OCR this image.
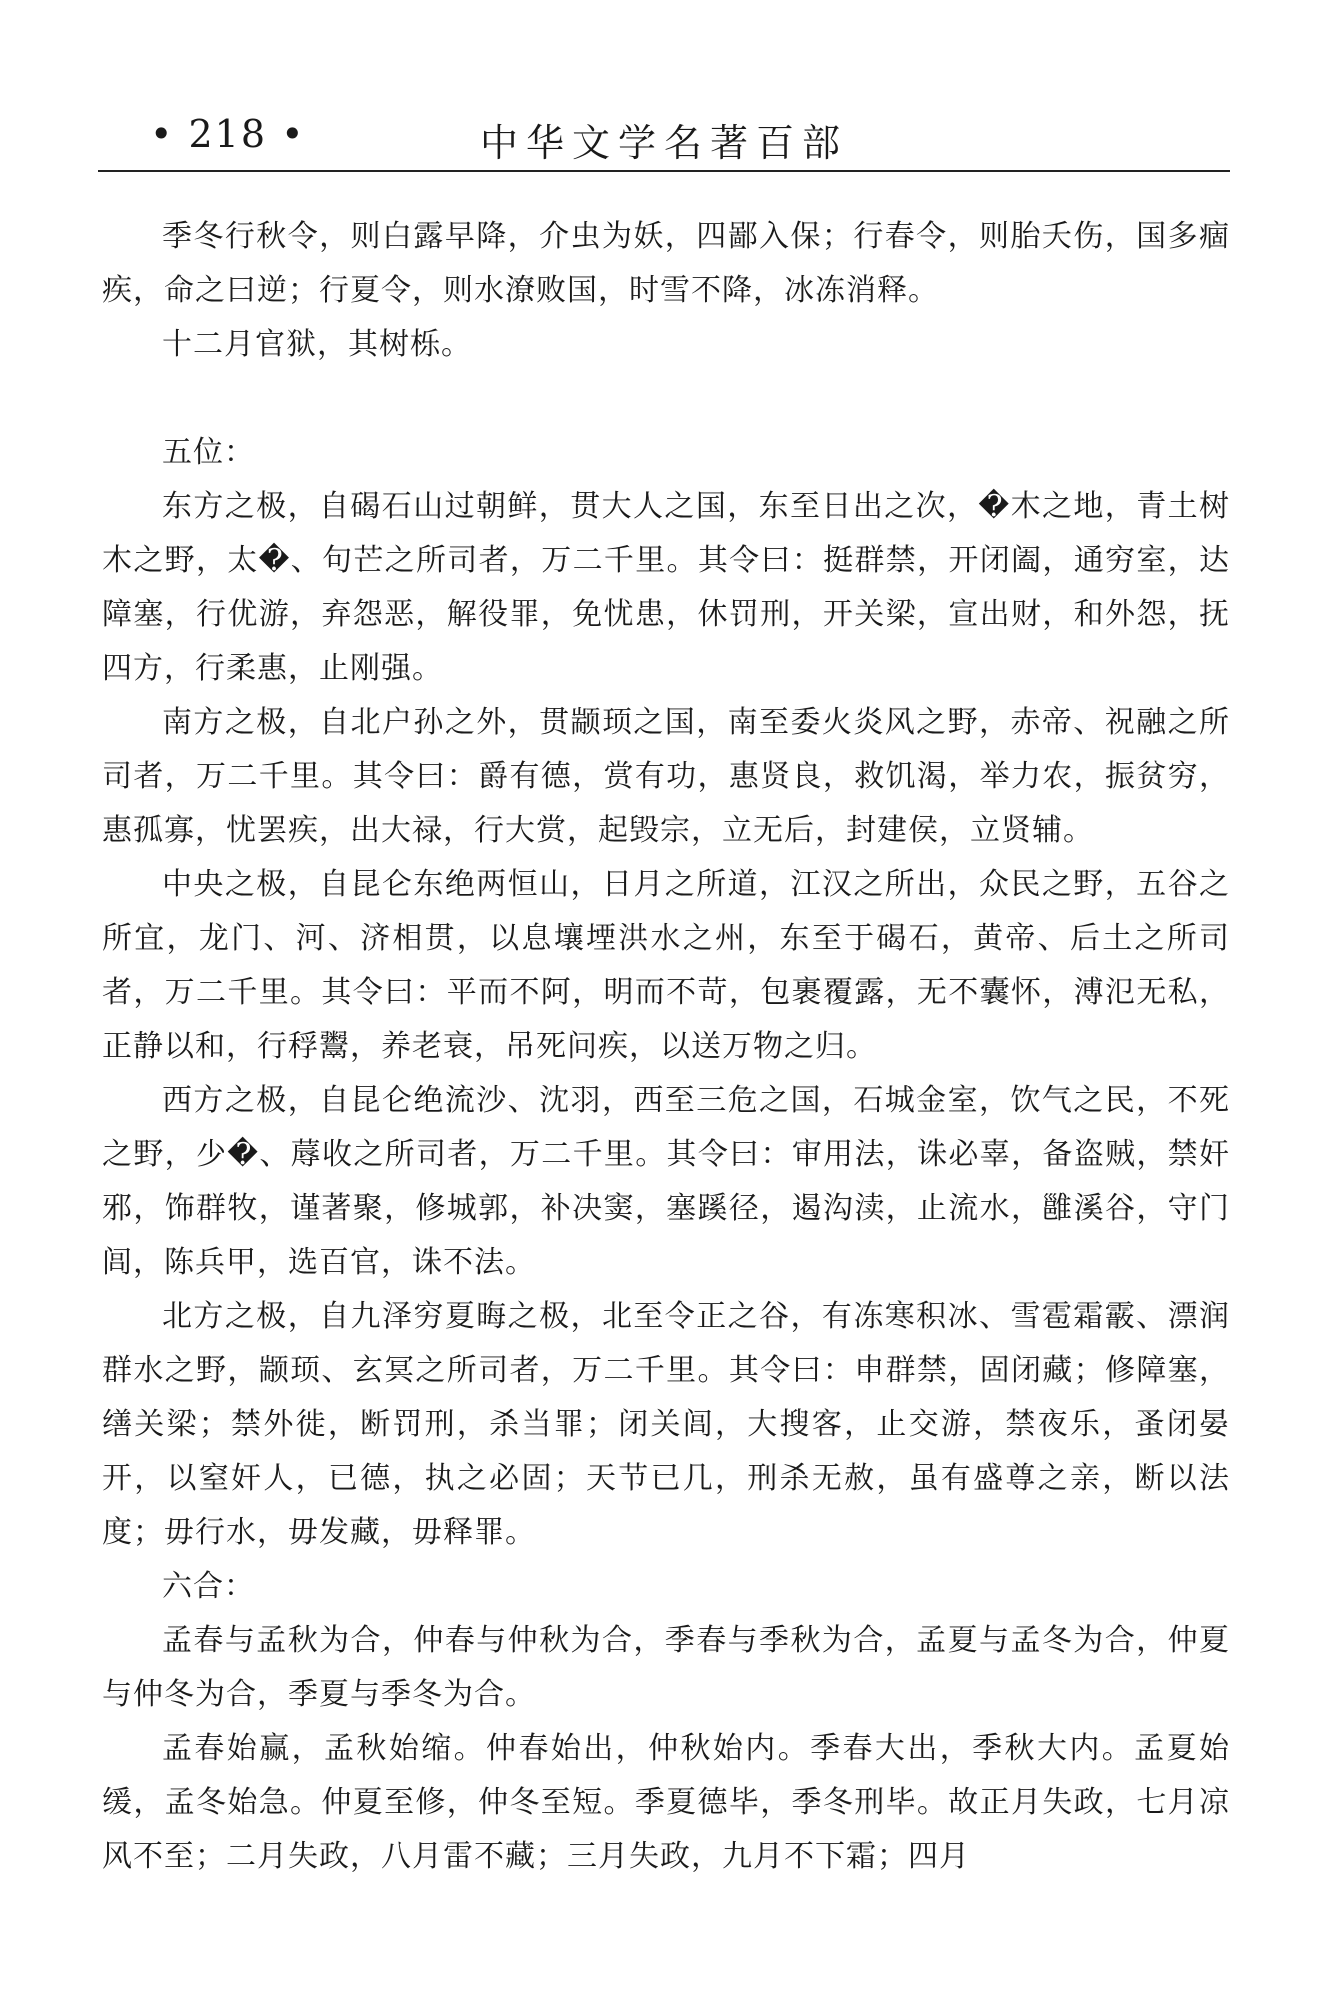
• 218 •	中华文学名著百部

季冬行秋令，则白露早降，介虫为妖，四鄙入保；行春令，则胎夭伤，国多痼疾，命之曰逆；行夏令，则水潦败国，时雪不降，冰冻消释。

十二月官狱，其树栎。

五位：

东方之极，自碣石山过朝鲜，贯大人之国，东至日出之次，�木之地，青土树木之野，太�、句芒之所司者，万二千里。其令曰：挺群禁，开闭阖，通穷室，达障塞，行优游，弃怨恶，解役罪，免忧患，休罚刑，开关梁，宣出财，和外怨，抚四方，行柔惠，止刚强。

南方之极，自北户孙之外，贯颛顼之国，南至委火炎风之野，赤帝、祝融之所司者，万二千里。其令曰：爵有德，赏有功，惠贤良，救饥渴，举力农，振贫穷，惠孤寡，忧罢疾，出大禄，行大赏，起毁宗，立无后，封建侯，立贤辅。

中央之极，自昆仑东绝两恒山，日月之所道，江汉之所出，众民之野，五谷之所宜，龙门、河、济相贯，以息壤堙洪水之州，东至于碣石，黄帝、后土之所司者，万二千里。其令曰：平而不阿，明而不苛，包裹覆露，无不囊怀，溥氾无私，正静以和，行稃鬻，养老衰，吊死问疾，以送万物之归。

西方之极，自昆仑绝流沙、沈羽，西至三危之国，石城金室，饮气之民，不死之野，少�、蓐收之所司者，万二千里。其令曰：审用法，诛必辜，备盗贼，禁奸邪，饰群牧，谨著聚，修城郭，补决窦，塞蹊径，遏沟渎，止流水，雝溪谷，守门闾，陈兵甲，选百官，诛不法。

北方之极，自九泽穷夏晦之极，北至令正之谷，有冻寒积冰、雪雹霜霰、漂润群水之野，颛顼、玄冥之所司者，万二千里。其令曰：申群禁，固闭藏；修障塞，缮关梁；禁外徙，断罚刑，杀当罪；闭关闾，大搜客，止交游，禁夜乐，蚤闭晏开，以窒奸人，已德，执之必固；天节已几，刑杀无赦，虽有盛尊之亲，断以法度；毋行水，毋发藏，毋释罪。

六合：

孟春与孟秋为合，仲春与仲秋为合，季春与季秋为合，孟夏与孟冬为合，仲夏与仲冬为合，季夏与季冬为合。

孟春始赢，孟秋始缩。仲春始出，仲秋始内。季春大出，季秋大内。孟夏始缓，孟冬始急。仲夏至修，仲冬至短。季夏德毕，季冬刑毕。故正月失政，七月凉风不至；二月失政，八月雷不藏；三月失政，九月不下霜；四月
